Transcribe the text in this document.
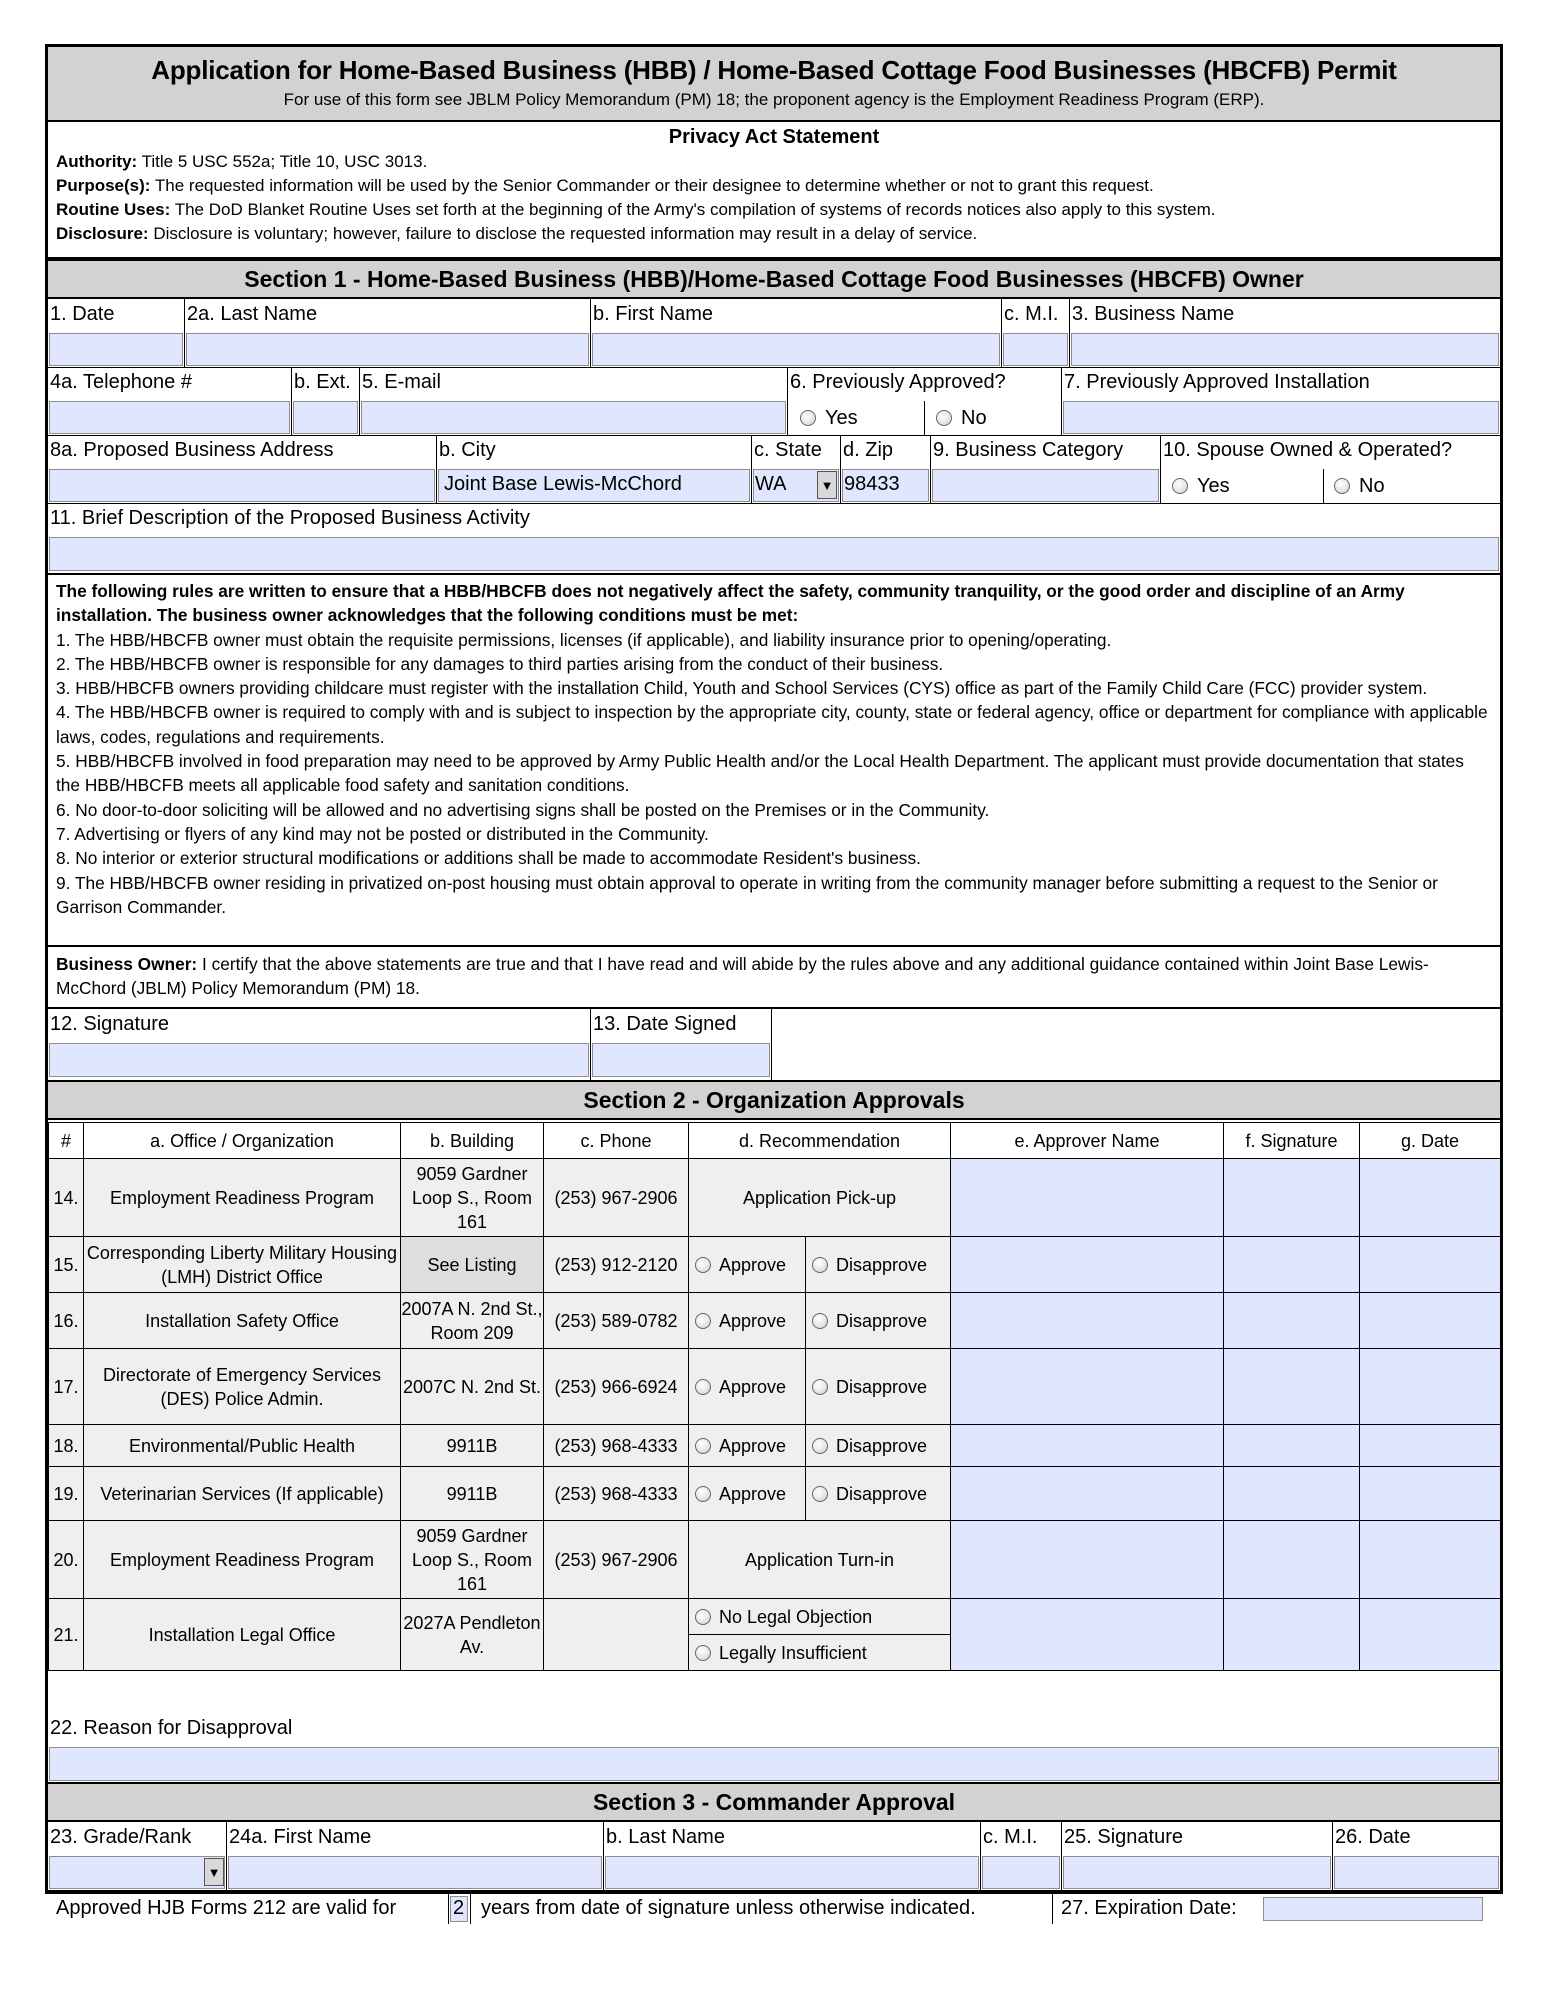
Application for Home-Based Business (HBB) / Home-Based Cottage Food Businesses (HBCFB) Permit
For use of this form see JBLM Policy Memorandum (PM) 18; the proponent agency is the Employment Readiness Program (ERP).
Privacy Act Statement
Authority: Title 5 USC 552a; Title 10, USC 3013.
Purpose(s): The requested information will be used by the Senior Commander or their designee to determine whether or not to grant this request.
Routine Uses: The DoD Blanket Routine Uses set forth at the beginning of the Army's compilation of systems of records notices also apply to this system.
Disclosure: Disclosure is voluntary; however, failure to disclose the requested information may result in a delay of service.
Section 1 - Home-Based Business (HBB)/Home-Based Cottage Food Businesses (HBCFB) Owner
1. Date	2a. Last Name	b. First Name	c. M.I. 3. Business Name
4a. Telephone #	b. Ext. 5. E-mail	6. Previously Approved?	7. Previously Approved Installation
Yes	No
8a. Proposed Business Address	b. City	c. State	d. Zip	9. Business Category	10. Spouse Owned & Operated?
Joint Base Lewis-McChord	WA	▼ 98433	Yes	No
11. Brief Description of the Proposed Business Activity
The following rules are written to ensure that a HBB/HBCFB does not negatively affect the safety, community tranquility, or the good order and discipline of an Army installation. The business owner acknowledges that the following conditions must be met:
1. The HBB/HBCFB owner must obtain the requisite permissions, licenses (if applicable), and liability insurance prior to opening/operating.
2. The HBB/HBCFB owner is responsible for any damages to third parties arising from the conduct of their business.
3. HBB/HBCFB owners providing childcare must register with the installation Child, Youth and School Services (CYS) office as part of the Family Child Care (FCC) provider system.
4. The HBB/HBCFB owner is required to comply with and is subject to inspection by the appropriate city, county, state or federal agency, office or department for compliance with applicable laws, codes, regulations and requirements.
5. HBB/HBCFB involved in food preparation may need to be approved by Army Public Health and/or the Local Health Department. The applicant must provide documentation that states the HBB/HBCFB meets all applicable food safety and sanitation conditions.
6. No door-to-door soliciting will be allowed and no advertising signs shall be posted on the Premises or in the Community.
7. Advertising or flyers of any kind may not be posted or distributed in the Community.
8. No interior or exterior structural modifications or additions shall be made to accommodate Resident's business.
9. The HBB/HBCFB owner residing in privatized on-post housing must obtain approval to operate in writing from the community manager before submitting a request to the Senior or Garrison Commander.
Business Owner: I certify that the above statements are true and that I have read and will abide by the rules above and any additional guidance contained within Joint Base Lewis-McChord (JBLM) Policy Memorandum (PM) 18.
12. Signature	13. Date Signed
Section 2 - Organization Approvals
#	a. Office / Organization	b. Building	c. Phone	d. Recommendation		e. Approver Name	f. Signature	g. Date
14.	Employment Readiness Program	9059 Gardner Loop S., Room 161	(253) 967-2906	Application Pick-up				
15.	Corresponding Liberty Military Housing (LMH) District Office	See Listing	(253) 912-2120	Approve	Disapprove			

16.	Installation Safety Office	2007A N. 2nd St., Room 209	(253) 589-0782	Approve	Disapprove			

17.	Directorate of Emergency Services (DES) Police Admin.	2007C N. 2nd St.	(253) 966-6924	Approve	Disapprove			

18.	Environmental/Public Health	9911B	(253) 968-4333	Approve	Disapprove			

19.	Veterinarian Services (If applicable)	9911B	(253) 968-4333	Approve	Disapprove			

20.	Employment Readiness Program	9059 Gardner Loop S., Room 161	(253) 967-2906	Application Turn-in				
21.	Installation Legal Office	2027A Pendleton Av.		No Legal Objection				

				Legally Insufficient				
22. Reason for Disapproval
Section 3 - Commander Approval
23. Grade/Rank	24a. First Name	b. Last Name	c. M.I.	25. Signature	26. Date
▼
Approved HJB Forms 212 are valid for	2 years from date of signature unless otherwise indicated.	27. Expiration Date:
